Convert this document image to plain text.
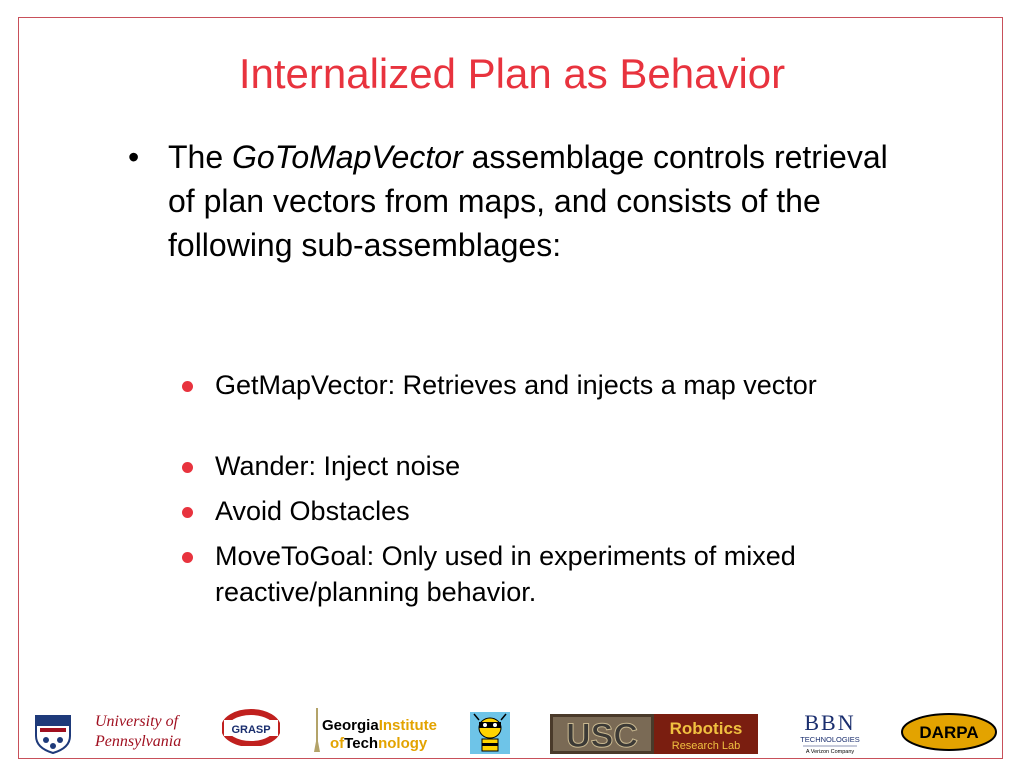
Internalized Plan as Behavior
• The GoToMapVector assemblage controls retrieval of plan vectors from maps, and consists of the following sub-assemblages:
GetMapVector: Retrieves and injects a map vector
Wander: Inject noise
Avoid Obstacles
MoveToGoal: Only used in experiments of mixed reactive/planning behavior.
University of
Pennsylvania
GRASP	GeorgiaInstitute
ofTechnology	USC Robotics
Research Lab
BBN
TECHNOLOGIES
A Verizon Company
DARPA
